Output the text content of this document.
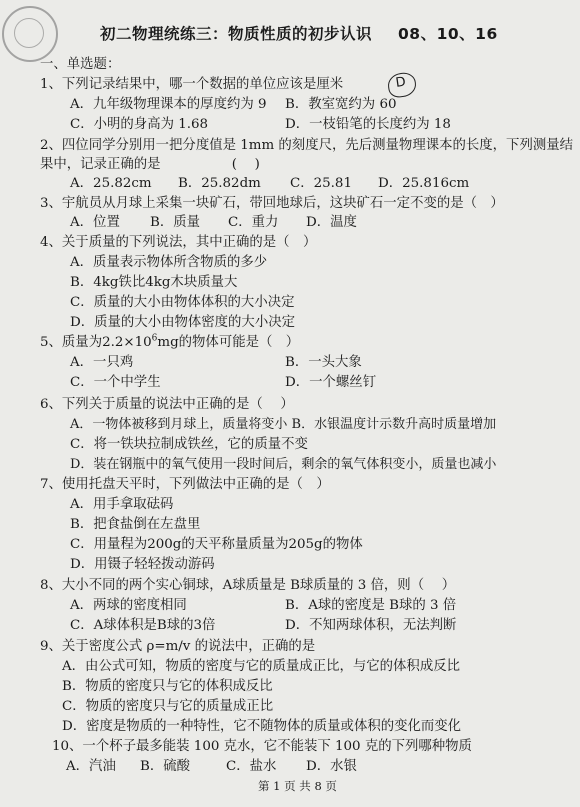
初二物理统练三：物质性质的初步认识 08、10、16
一、单选题：
1、下列记录结果中，哪一个数据的单位应该是厘米	D
A．九年级物理课本的厚度约为 9 B．教室宽约为 60
C．小明的身高为 1.68	D．一枝铅笔的长度约为 18
2、四位同学分别用一把分度值是 1mm 的刻度尺，先后测量物理课本的长度，下列测量结
果中，记录正确的是 　　　　　(　 )
A．25.82cm B．25.82dm C．25.81 D．25.816cm
3、宇航员从月球上采集一块矿石，带回地球后，这块矿石一定不变的是（　）
A．位置 B．质量 C．重力 D．温度
4、关于质量的下列说法，其中正确的是（　）
A．质量表示物体所含物质的多少
B．4kg铁比4kg木块质量大
C．质量的大小由物体体积的大小决定
D．质量的大小由物体密度的大小决定
5、质量为$2.2\times 10^6mg$的物体可能是（　）
A．一只鸡	B．一头大象
C．一个中学生	D．一个螺丝钉
6、下列关于质量的说法中正确的是（　 ）
A．一物体被移到月球上，质量将变小 B．水银温度计示数升高时质量增加
C．将一铁块拉制成铁丝，它的质量不变
D．装在钢瓶中的氧气使用一段时间后，剩余的氧气体积变小，质量也减小
7、使用托盘天平时，下列做法中正确的是（　）
A．用手拿取砝码
B．把食盐倒在左盘里
C．用量程为200g的天平称量质量为205g的物体
D．用镊子轻轻拨动游码
8、大小不同的两个实心铜球，A球质量是 B球质量的 3 倍，则（　 ）
A．两球的密度相同	B．A球的密度是 B球的 3 倍
C．A球体积是B球的3倍	D．不知两球体积，无法判断
9、关于密度公式 ρ=m/v 的说法中，正确的是
A．由公式可知，物质的密度与它的质量成正比，与它的体积成反比
B．物质的密度只与它的体积成反比
C．物质的密度只与它的质量成正比
D．密度是物质的一种特性，它不随物体的质量或体积的变化而变化
10、一个杯子最多能装 100 克水，它不能装下 100 克的下列哪种物质
A．汽油 B．硫酸	C．盐水 D．水银
第 1 页 共 8 页
